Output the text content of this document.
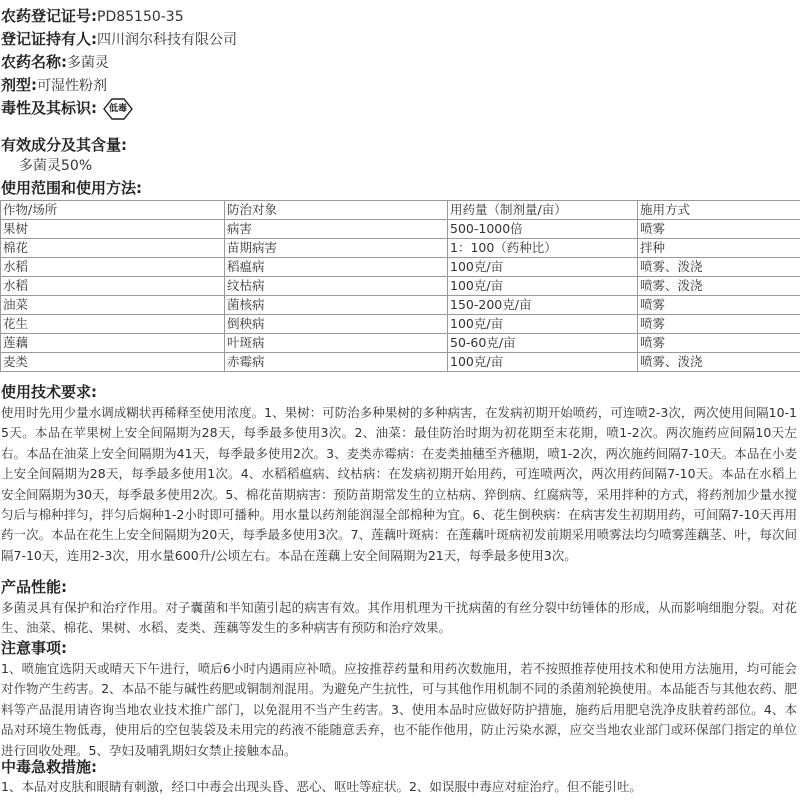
农药登记证号:PD85150-35
登记证持有人:四川润尔科技有限公司
农药名称:多菌灵
剂型:可湿性粉剂
毒性及其标识:	低毒
有效成分及其含量:
多菌灵50%
使用范围和使用方法:
作物/场所	防治对象	用药量（制剂量/亩）	施用方式
果树	病害	500-1000倍	喷雾
棉花	苗期病害	1：100（药种比）	拌种
水稻	稻瘟病	100克/亩	喷雾、泼浇
水稻	纹枯病	100克/亩	喷雾、泼浇
油菜	菌核病	150-200克/亩	喷雾
花生	倒秧病	100克/亩	喷雾
莲藕	叶斑病	50-60克/亩	喷雾
麦类	赤霉病	100克/亩	喷雾、泼浇
使用技术要求:

使用时先用少量水调成糊状再稀释至使用浓度。1、果树：可防治多种果树的多种病害，在发病初期开始喷药，可连喷2-3次，两次使用间隔10-15天。本品在苹果树上安全间隔期为28天，每季最多使用3次。2、油菜：最佳防治时期为初花期至末花期，喷1-2次。两次施药应间隔10天左右。本品在油菜上安全间隔期为41天，每季最多使用2次。3、麦类赤霉病：在麦类抽穗至齐穗期，喷1-2次，两次施药间隔7-10天。本品在小麦上安全间隔期为28天，每季最多使用1次。4、水稻稻瘟病、纹枯病：在发病初期开始用药，可连喷两次，两次用药间隔7-10天。本品在水稻上安全间隔期为30天，每季最多使用2次。5、棉花苗期病害：预防苗期常发生的立枯病、猝倒病、红腐病等，采用拌种的方式，将药剂加少量水搅匀后与棉种拌匀，拌匀后焖种1-2小时即可播种。用水量以药剂能润湿全部棉种为宜。6、花生倒秧病：在病害发生初期用药，可间隔7-10天再用药一次。本品在花生上安全间隔期为20天，每季最多使用3次。7、莲藕叶斑病：在莲藕叶斑病初发前期采用喷雾法均匀喷雾莲藕茎、叶，每次间隔7-10天，连用2-3次，用水量600升/公顷左右。本品在莲藕上安全间隔期为21天，每季最多使用3次。

产品性能:

多菌灵具有保护和治疗作用。对子囊菌和半知菌引起的病害有效。其作用机理为干扰病菌的有丝分裂中纺锤体的形成，从而影响细胞分裂。对花生、油菜、棉花、果树、水稻、麦类、莲藕等发生的多种病害有预防和治疗效果。

注意事项:

1、喷施宜选阴天或晴天下午进行，喷后6小时内遇雨应补喷。应按推荐药量和用药次数施用，若不按照推荐使用技术和使用方法施用，均可能会对作物产生药害。2、本品不能与碱性药肥或铜制剂混用。为避免产生抗性，可与其他作用机制不同的杀菌剂轮换使用。本品能否与其他农药、肥料等产品混用请咨询当地农业技术推广部门，以免混用不当产生药害。3、使用本品时应做好防护措施，施药后用肥皂洗净皮肤着药部位。4、本品对环境生物低毒，使用后的空包装袋及未用完的药液不能随意丢弃，也不能作他用，防止污染水源，应交当地农业部门或环保部门指定的单位进行回收处理。5、孕妇及哺乳期妇女禁止接触本品。

中毒急救措施:

1、本品对皮肤和眼睛有刺激，经口中毒会出现头昏、恶心、呕吐等症状。2、如误服中毒应对症治疗。但不能引吐。
